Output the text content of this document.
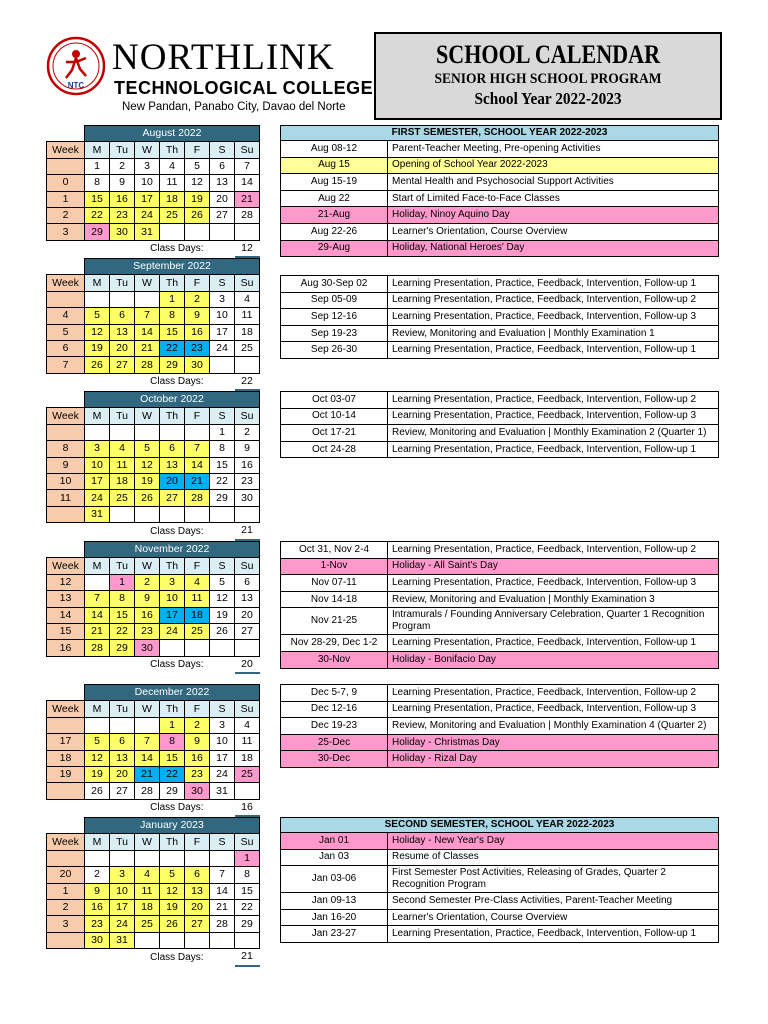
NTC
NORTHLINK
TECHNOLOGICAL COLLEGE
New Pandan, Panabo City, Davao del Norte
SCHOOL CALENDAR
SENIOR HIGH SCHOOL PROGRAM
School Year 2022-2023
	August 2022						
Week	M	Tu	W	Th	F	S	Su
	1	2	3	4	5	6	7
0	8	9	10	11	12	13	14
1	15	16	17	18	19	20	21
2	22	23	24	25	26	27	28
3	29	30	31				
			Class Days:				12
	September 2022						
Week	M	Tu	W	Th	F	S	Su
				1	2	3	4
4	5	6	7	8	9	10	11
5	12	13	14	15	16	17	18
6	19	20	21	22	23	24	25
7	26	27	28	29	30		
			Class Days:				22
	October 2022						
Week	M	Tu	W	Th	F	S	Su
						1	2
8	3	4	5	6	7	8	9
9	10	11	12	13	14	15	16
10	17	18	19	20	21	22	23
11	24	25	26	27	28	29	30
	31						
			Class Days:				21
	November 2022						
Week	M	Tu	W	Th	F	S	Su
12		1	2	3	4	5	6
13	7	8	9	10	11	12	13
14	14	15	16	17	18	19	20
15	21	22	23	24	25	26	27
16	28	29	30				
			Class Days:				20
	December 2022						
Week	M	Tu	W	Th	F	S	Su
				1	2	3	4
17	5	6	7	8	9	10	11
18	12	13	14	15	16	17	18
19	19	20	21	22	23	24	25
	26	27	28	29	30	31	
			Class Days:				16
	January 2023						
Week	M	Tu	W	Th	F	S	Su
							1
20	2	3	4	5	6	7	8
1	9	10	11	12	13	14	15
2	16	17	18	19	20	21	22
3	23	24	25	26	27	28	29
	30	31					
			Class Days:				21
FIRST SEMESTER, SCHOOL YEAR 2022-2023	
Aug 08-12	Parent-Teacher Meeting, Pre-opening Activities
Aug 15	Opening of School Year 2022-2023
Aug 15-19	Mental Health and Psychosocial Support Activities
Aug 22	Start of Limited Face-to-Face Classes
21-Aug	Holiday, Ninoy Aquino Day
Aug 22-26	Learner's Orientation, Course Overview
29-Aug	Holiday, National Heroes' Day
Aug 30-Sep 02	Learning Presentation, Practice, Feedback, Intervention, Follow-up 1
Sep 05-09	Learning Presentation, Practice, Feedback, Intervention, Follow-up 2
Sep 12-16	Learning Presentation, Practice, Feedback, Intervention, Follow-up 3
Sep 19-23	Review, Monitoring and Evaluation | Monthly Examination 1
Sep 26-30	Learning Presentation, Practice, Feedback, Intervention, Follow-up 1
Oct 03-07	Learning Presentation, Practice, Feedback, Intervention, Follow-up 2
Oct 10-14	Learning Presentation, Practice, Feedback, Intervention, Follow-up 3
Oct 17-21	Review, Monitoring and Evaluation | Monthly Examination 2 (Quarter 1)
Oct 24-28	Learning Presentation, Practice, Feedback, Intervention, Follow-up 1
Oct 31, Nov 2-4	Learning Presentation, Practice, Feedback, Intervention, Follow-up 2
1-Nov	Holiday - All Saint's Day
Nov 07-11	Learning Presentation, Practice, Feedback, Intervention, Follow-up 3
Nov 14-18	Review, Monitoring and Evaluation | Monthly Examination 3
Nov 21-25	Intramurals / Founding Anniversary Celebration, Quarter 1 Recognition Program
Nov 28-29, Dec 1-2	Learning Presentation, Practice, Feedback, Intervention, Follow-up 1
30-Nov	Holiday - Bonifacio Day
Dec 5-7, 9	Learning Presentation, Practice, Feedback, Intervention, Follow-up 2
Dec 12-16	Learning Presentation, Practice, Feedback, Intervention, Follow-up 3
Dec 19-23	Review, Monitoring and Evaluation | Monthly Examination 4 (Quarter 2)
25-Dec	Holiday - Christmas Day
30-Dec	Holiday - Rizal Day
SECOND SEMESTER, SCHOOL YEAR 2022-2023	
Jan 01	Holiday - New Year's Day
Jan 03	Resume of Classes
Jan 03-06	First Semester Post Activities, Releasing of Grades, Quarter 2 Recognition Program
Jan 09-13	Second Semester Pre-Class Activities, Parent-Teacher Meeting
Jan 16-20	Learner's Orientation, Course Overview
Jan 23-27	Learning Presentation, Practice, Feedback, Intervention, Follow-up 1
